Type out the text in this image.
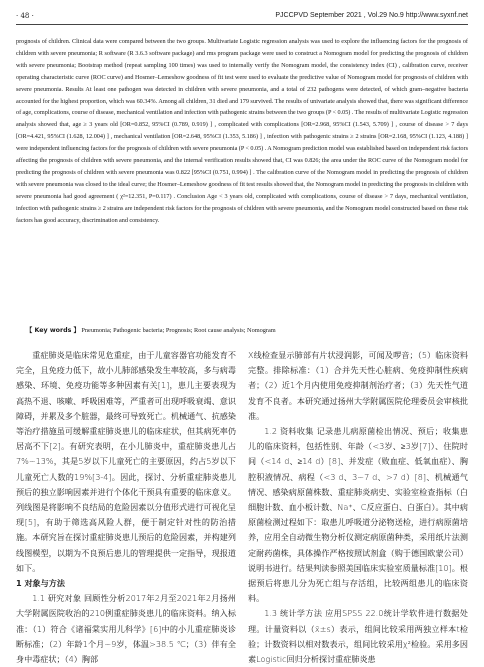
· 48 ·	PJCCPVD September 2021 , Vol.29 No.9 http://www.syxnf.net

prognosis of children. Clinical data were compared between the two groups. Multivariate Logistic regression analysis was used to explore the influencing factors for the prognosis of children with severe pneumonia; R software (R 3.6.3 software package) and rms program package were used to construct a Nomogram model for predicting the prognosis of children with severe pneumonia; Bootstrap method (repeat sampling 100 times) was used to internally verify the Nomogram model, the consistency index (CI) , calibration curve, receiver operating characteristic curve (ROC curve) and Hosmer–Lemeshow goodness of fit test were used to evaluate the predictive value of Nomogram model for prognosis of children with severe pneumonia. Results At least one pathogen was detected in children with severe pneumonia, and a total of 232 pathogens were detected, of which gram–negative bacteria accounted for the highest proportion, which was 60.34%. Among all children, 31 died and 179 survived. The results of univariate analysis showed that, there was significant difference of age, complications, course of disease, mechanical ventilation and infection with pathogenic strains between the two groups (P < 0.05) . The results of multivariate Logistic regression analysis showed that, age ≥ 3 years old [OR=0.852, 95%CI (0.789, 0.919) ] , complicated with complications [OR=2.968, 95%CI (1.543, 5.709) ] , course of disease > 7 days [OR=4.421, 95%CI (1.628, 12.004) ] , mechanical ventilation [OR=2.648, 95%CI (1.353, 5.186) ] , infection with pathogenic strains ≥ 2 strains [OR=2.168, 95%CI (1.123, 4.188) ] were independent influencing factors for the prognosis of children with severe pneumonia (P < 0.05) . A Nomogram prediction model was established based on independent risk factors affecting the prognosis of children with severe pneumonia, and the internal verification results showed that, CI was 0.826; the area under the ROC curve of the Nomogram model for predicting the prognosis of children with severe pneumonia was 0.822 [95%CI (0.751, 0.994) ] . The calibration curve of the Nomogram model in predicting the prognosis of children with severe pneumonia was closed to the ideal curve; the Hosmer–Lemeshow goodness of fit test results showed that, the Nomogram model in predicting the prognosis in children with severe pneumonia had good agreement ( χ²=12.351, P=0.117) . Conclusion Age < 3 years old, complicated with complications, course of disease > 7 days, mechanical ventilation, infection with pathogenic strains ≥ 2 strains are independent risk factors for the prognosis of children with severe pneumonia, and the Nomogram model constructed based on these risk factors has good accuracy, discrimination and consistency.

【 Key words 】 Pneumonia; Pathogenic bacteria; Prognosis; Root cause analysis; Nomogram

重症肺炎是临床常见危重症，由于儿童容器官功能发育不完全，且免疫力低下，故小儿肺部感染发生率较高，多与病毒感染、环境、免疫功能等多种因素有关[1]，患儿主要表现为高热不退、咳嗽、呼吸困难等，严重者可出现呼吸衰竭、意识障碍，并累及多个脏器，最终可导致死亡。机械通气、抗感染等治疗措施虽可缓解重症肺炎患儿的临床症状，但其病死率仍居高不下[2]。有研究表明，在小儿肺炎中，重症肺炎患儿占7%~13%，其是5岁以下儿童死亡的主要原因，约占5岁以下儿童死亡人数的19%[3-4]。因此，探讨、分析重症肺炎患儿预后的独立影响因素并进行个体化干预具有重要的临床意义。列线图是将影响不良结局的危险因素以分值形式进行可视化呈现[5]，有助于筛选高风险人群，便于制定针对性的防治措施。本研究旨在探讨重症肺炎患儿预后的危险因素，并构建列线图模型，以期为不良预后患儿的管理提供一定指导，现报道如下。

1 对象与方法

1.1 研究对象 回顾性分析2017年2月至2021年2月扬州大学附属医院收治的210例重症肺炎患儿的临床资料。纳入标准：（1）符合《诸福棠实用儿科学》[6]中的小儿重症肺炎诊断标准；（2）年龄1个月~9岁，体温>38.5 ℃；（3）伴有全身中毒症状；（4）胸部

X线检查显示肺部有片状浸润影，可闻及啰音；（5）临床资料完整。排除标准：（1）合并先天性心脏病、免疫抑制性疾病者；（2）近1个月内使用免疫抑制剂治疗者；（3）先天性气道发育不良者。本研究通过扬州大学附属医院伦理委员会审核批准。

1.2 资料收集 记录患儿病原菌检出情况、预后；收集患儿的临床资料，包括性别、年龄（<3岁、≥3岁[7]）、住院时间（<14 d、≥14 d）[8]、并发症（败血症、低氧血症）、胸腔积液情况、病程（<3 d、3~7 d、>7 d）[8]、机械通气情况、感染病原菌株数、重症肺炎病史、实验室检查指标（白细胞计数、血小板计数、Na⁺、C反应蛋白、白蛋白）。其中病原菌检测过程如下：取患儿呼吸道分泌物送检，进行病原菌培养，应用全自动微生物分析仪测定病原菌种类，采用纸片法测定耐药菌株，具体操作严格按照试剂盒（购于德国欧蒙公司）说明书进行。结果判读参照美国临床实验室质量标准[10]。根据预后将患儿分为死亡组与存活组，比较两组患儿的临床资料。

1.3 统计学方法 应用SPSS 22.0统计学软件进行数据处理。计量资料以（x̄±s）表示，组间比较采用两独立样本t检验；计数资料以相对数表示，组间比较采用χ²检验。采用多因素Logistic回归分析探讨重症肺炎患
